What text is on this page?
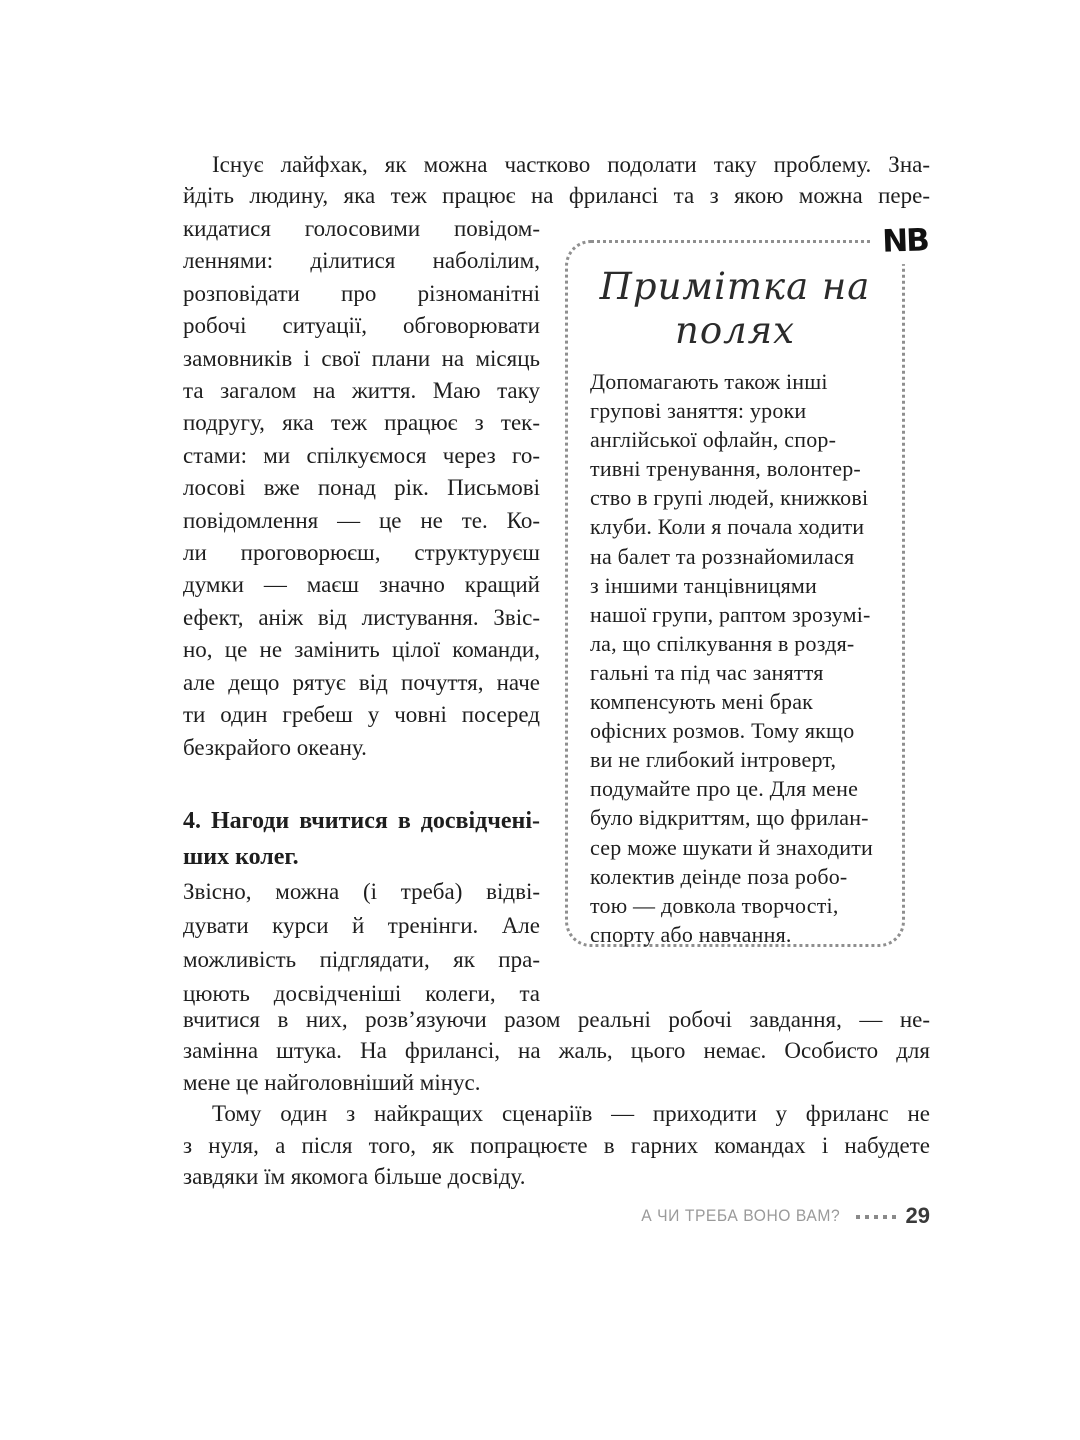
Існує лайфхак, як можна частково подолати таку проблему. Зна-
йдіть людину, яка теж працює на фрилансі та з якою можна пере-
кидатися голосовими повідом-
леннями: ділитися наболілим,
розповідати про різноманітні
робочі ситуації, обговорювати
замовників і свої плани на місяць
та загалом на життя. Маю таку
подругу, яка теж працює з тек-
стами: ми спілкуємося через го-
лосові вже понад рік. Письмові
повідомлення — це не те. Ко-
ли проговорюєш, структуруєш
думки — маєш значно кращий
ефект, аніж від листування. Звіс-
но, це не замінить цілої команди,
але дещо рятує від почуття, наче
ти один гребеш у човні посеред
безкрайого океану.
4. Нагоди вчитися в досвідчені-
ших колег.
Звісно, можна (і треба) відві-
дувати курси й тренінги. Але
можливість підглядати, як пра-
цюють досвідченіші колеги, та
Примітка на полях
Допомагають також інші
групові заняття: уроки
англійської офлайн, спор-
тивні тренування, волонтер-
ство в групі людей, книжкові
клуби. Коли я почала ходити
на балет та роззнайомилася
з іншими танцівницями
нашої групи, раптом зрозумі-
ла, що спілкування в роздя-
гальні та під час заняття
компенсують мені брак
офісних розмов. Тому якщо
ви не глибокий інтроверт,
подумайте про це. Для мене
було відкриттям, що фрилан-
сер може шукати й знаходити
колектив деінде поза робо-
тою — довкола творчості,
спорту або навчання.
NB
вчитися в них, розв’язуючи разом реальні робочі завдання, — не-
замінна штука. На фрилансі, на жаль, цього немає. Особисто для
мене це найголовніший мінус.
Тому один з найкращих сценаріїв — приходити у фриланс не
з нуля, а після того, як попрацюєте в гарних командах і набудете
завдяки їм якомога більше досвіду.
А ЧИ ТРЕБА ВОНО ВАМ?	29
